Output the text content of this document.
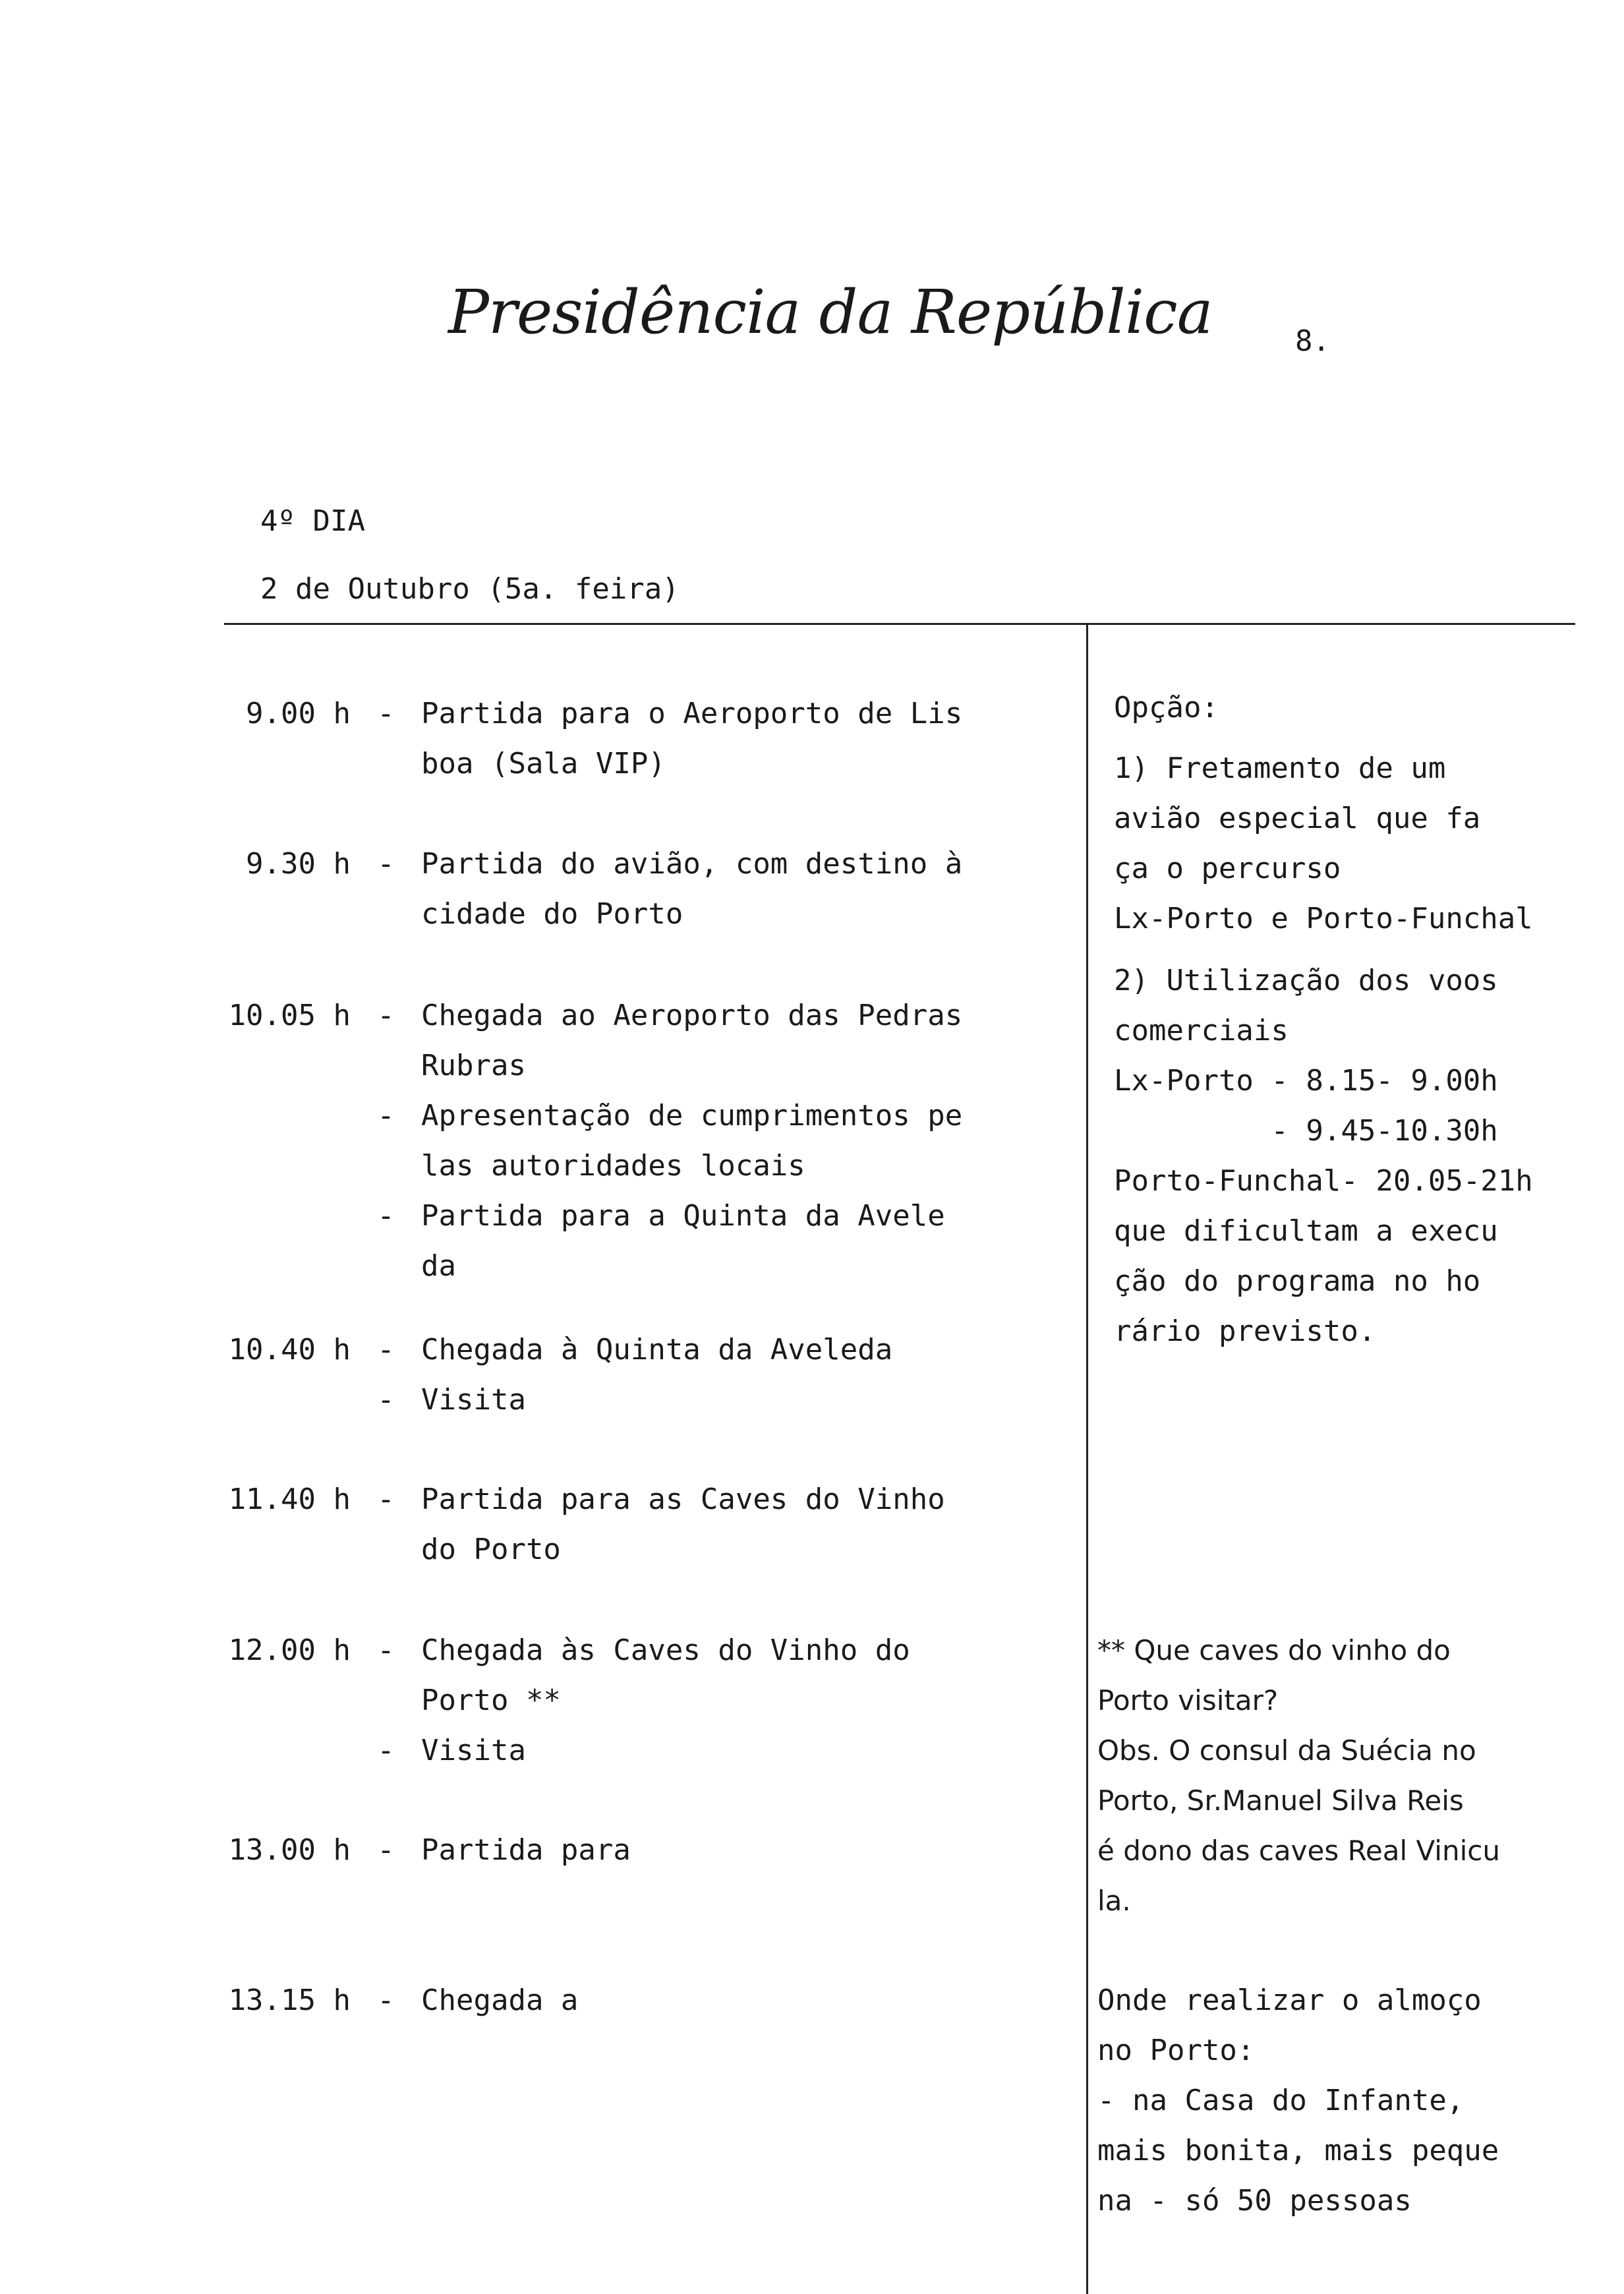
Presidência da República	8.
4º DIA
2 de Outubro (5a. feira)
9.00 h - Partida para o Aeroporto de Lis
boa (Sala VIP)
9.30 h - Partida do avião, com destino à
cidade do Porto
10.05 h - Chegada ao Aeroporto das Pedras
Rubras
- Apresentação de cumprimentos pe
las autoridades locais
- Partida para a Quinta da Avele
da
10.40 h - Chegada à Quinta da Aveleda
- Visita
11.40 h - Partida para as Caves do Vinho
do Porto
12.00 h - Chegada às Caves do Vinho do
Porto **
- Visita
13.00 h - Partida para
13.15 h - Chegada a
Opção:
1) Fretamento de um
avião especial que fa
ça o percurso
Lx-Porto e Porto-Funchal
2) Utilização dos voos
comerciais
Lx-Porto - 8.15- 9.00h
- 9.45-10.30h
Porto-Funchal- 20.05-21h
que dificultam a execu
ção do programa no ho
rário previsto.
** Que caves do vinho do
Porto visitar?
Obs. O consul da Suécia no
Porto, Sr.Manuel Silva Reis
é dono das caves Real Vinicu
la.
Onde realizar o almoço
no Porto:
- na Casa do Infante,
mais bonita, mais peque
na - só 50 pessoas
